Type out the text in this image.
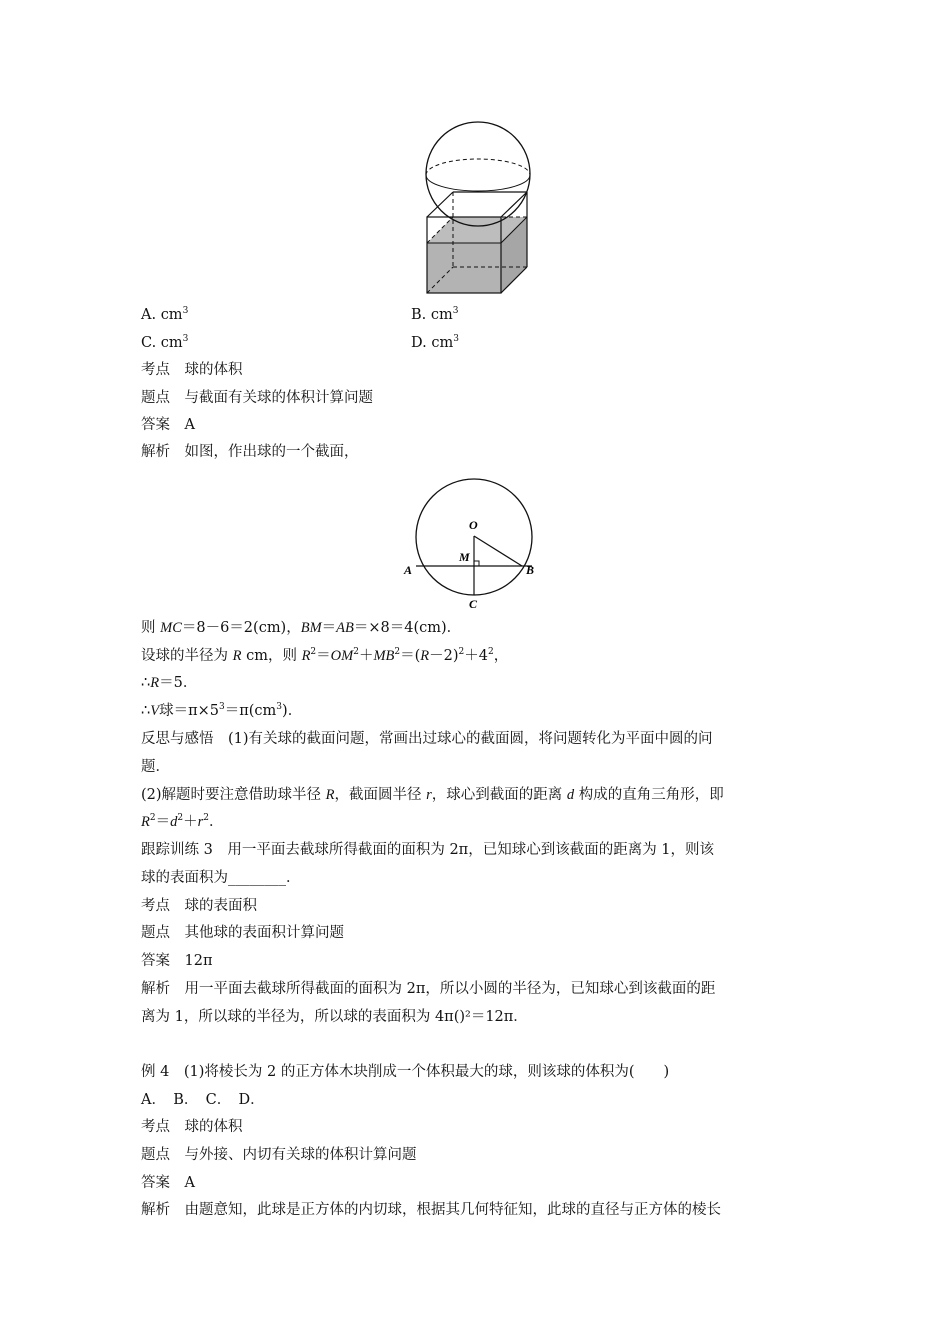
A. $cm^3$	B. $cm^3$
C. $cm^3$	D. $cm^3$
考点　球的体积
题点　与截面有关球的体积计算问题
答案　A
解析　如图，作出球的一个截面，
O
M
A	B
C
则 MC＝8－6＝2(cm)，BM＝AB＝×8＝4(cm)．
设球的半径为 R cm，则 $R^2=OM^2+MB^2=(R-2)^2+4^2$，
∴R＝5．
∴V球$=\pi\times 5^3=\pi(cm^3)$．
反思与感悟　(1)有关球的截面问题，常画出过球心的截面圆，将问题转化为平面中圆的问
题．
(2)解题时要注意借助球半径 R，截面圆半径 r，球心到截面的距离 d 构成的直角三角形，即
$R^2=d^2+r^2$．
跟踪训练 3　用一平面去截球所得截面的面积为 2π，已知球心到该截面的距离为 1，则该
球的表面积为________．
考点　球的表面积
题点　其他球的表面积计算问题
答案　12π
解析　用一平面去截球所得截面的面积为 2π，所以小圆的半径为，已知球心到该截面的距
离为 1，所以球的半径为，所以球的表面积为 4π()²＝12π．
例 4　(1)将棱长为 2 的正方体木块削成一个体积最大的球，则该球的体积为(　　)
A．　B．　C．　D．
考点　球的体积
题点　与外接、内切有关球的体积计算问题
答案　A
解析　由题意知，此球是正方体的内切球，根据其几何特征知，此球的直径与正方体的棱长
